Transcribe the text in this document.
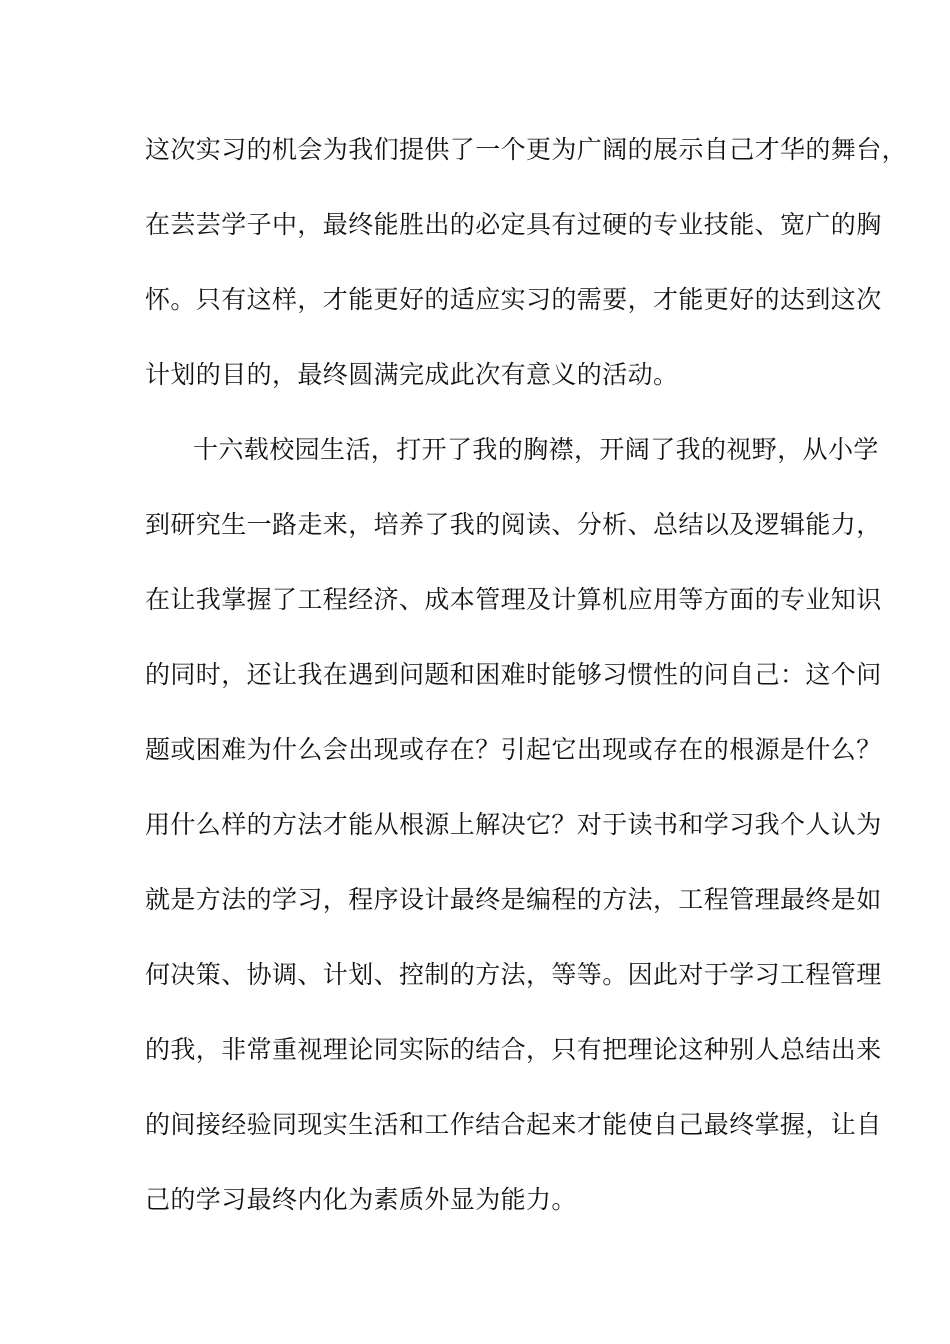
这次实习的机会为我们提供了一个更为广阔的展示自己才华的舞台，
在芸芸学子中，最终能胜出的必定具有过硬的专业技能、宽广的胸
怀。只有这样，才能更好的适应实习的需要，才能更好的达到这次
计划的目的，最终圆满完成此次有意义的活动。
十六载校园生活，打开了我的胸襟，开阔了我的视野，从小学
到研究生一路走来，培养了我的阅读、分析、总结以及逻辑能力，
在让我掌握了工程经济、成本管理及计算机应用等方面的专业知识
的同时，还让我在遇到问题和困难时能够习惯性的问自己：这个问
题或困难为什么会出现或存在？引起它出现或存在的根源是什么？
用什么样的方法才能从根源上解决它？对于读书和学习我个人认为
就是方法的学习，程序设计最终是编程的方法，工程管理最终是如
何决策、协调、计划、控制的方法，等等。因此对于学习工程管理
的我，非常重视理论同实际的结合，只有把理论这种别人总结出来
的间接经验同现实生活和工作结合起来才能使自己最终掌握，让自
己的学习最终内化为素质外显为能力。
